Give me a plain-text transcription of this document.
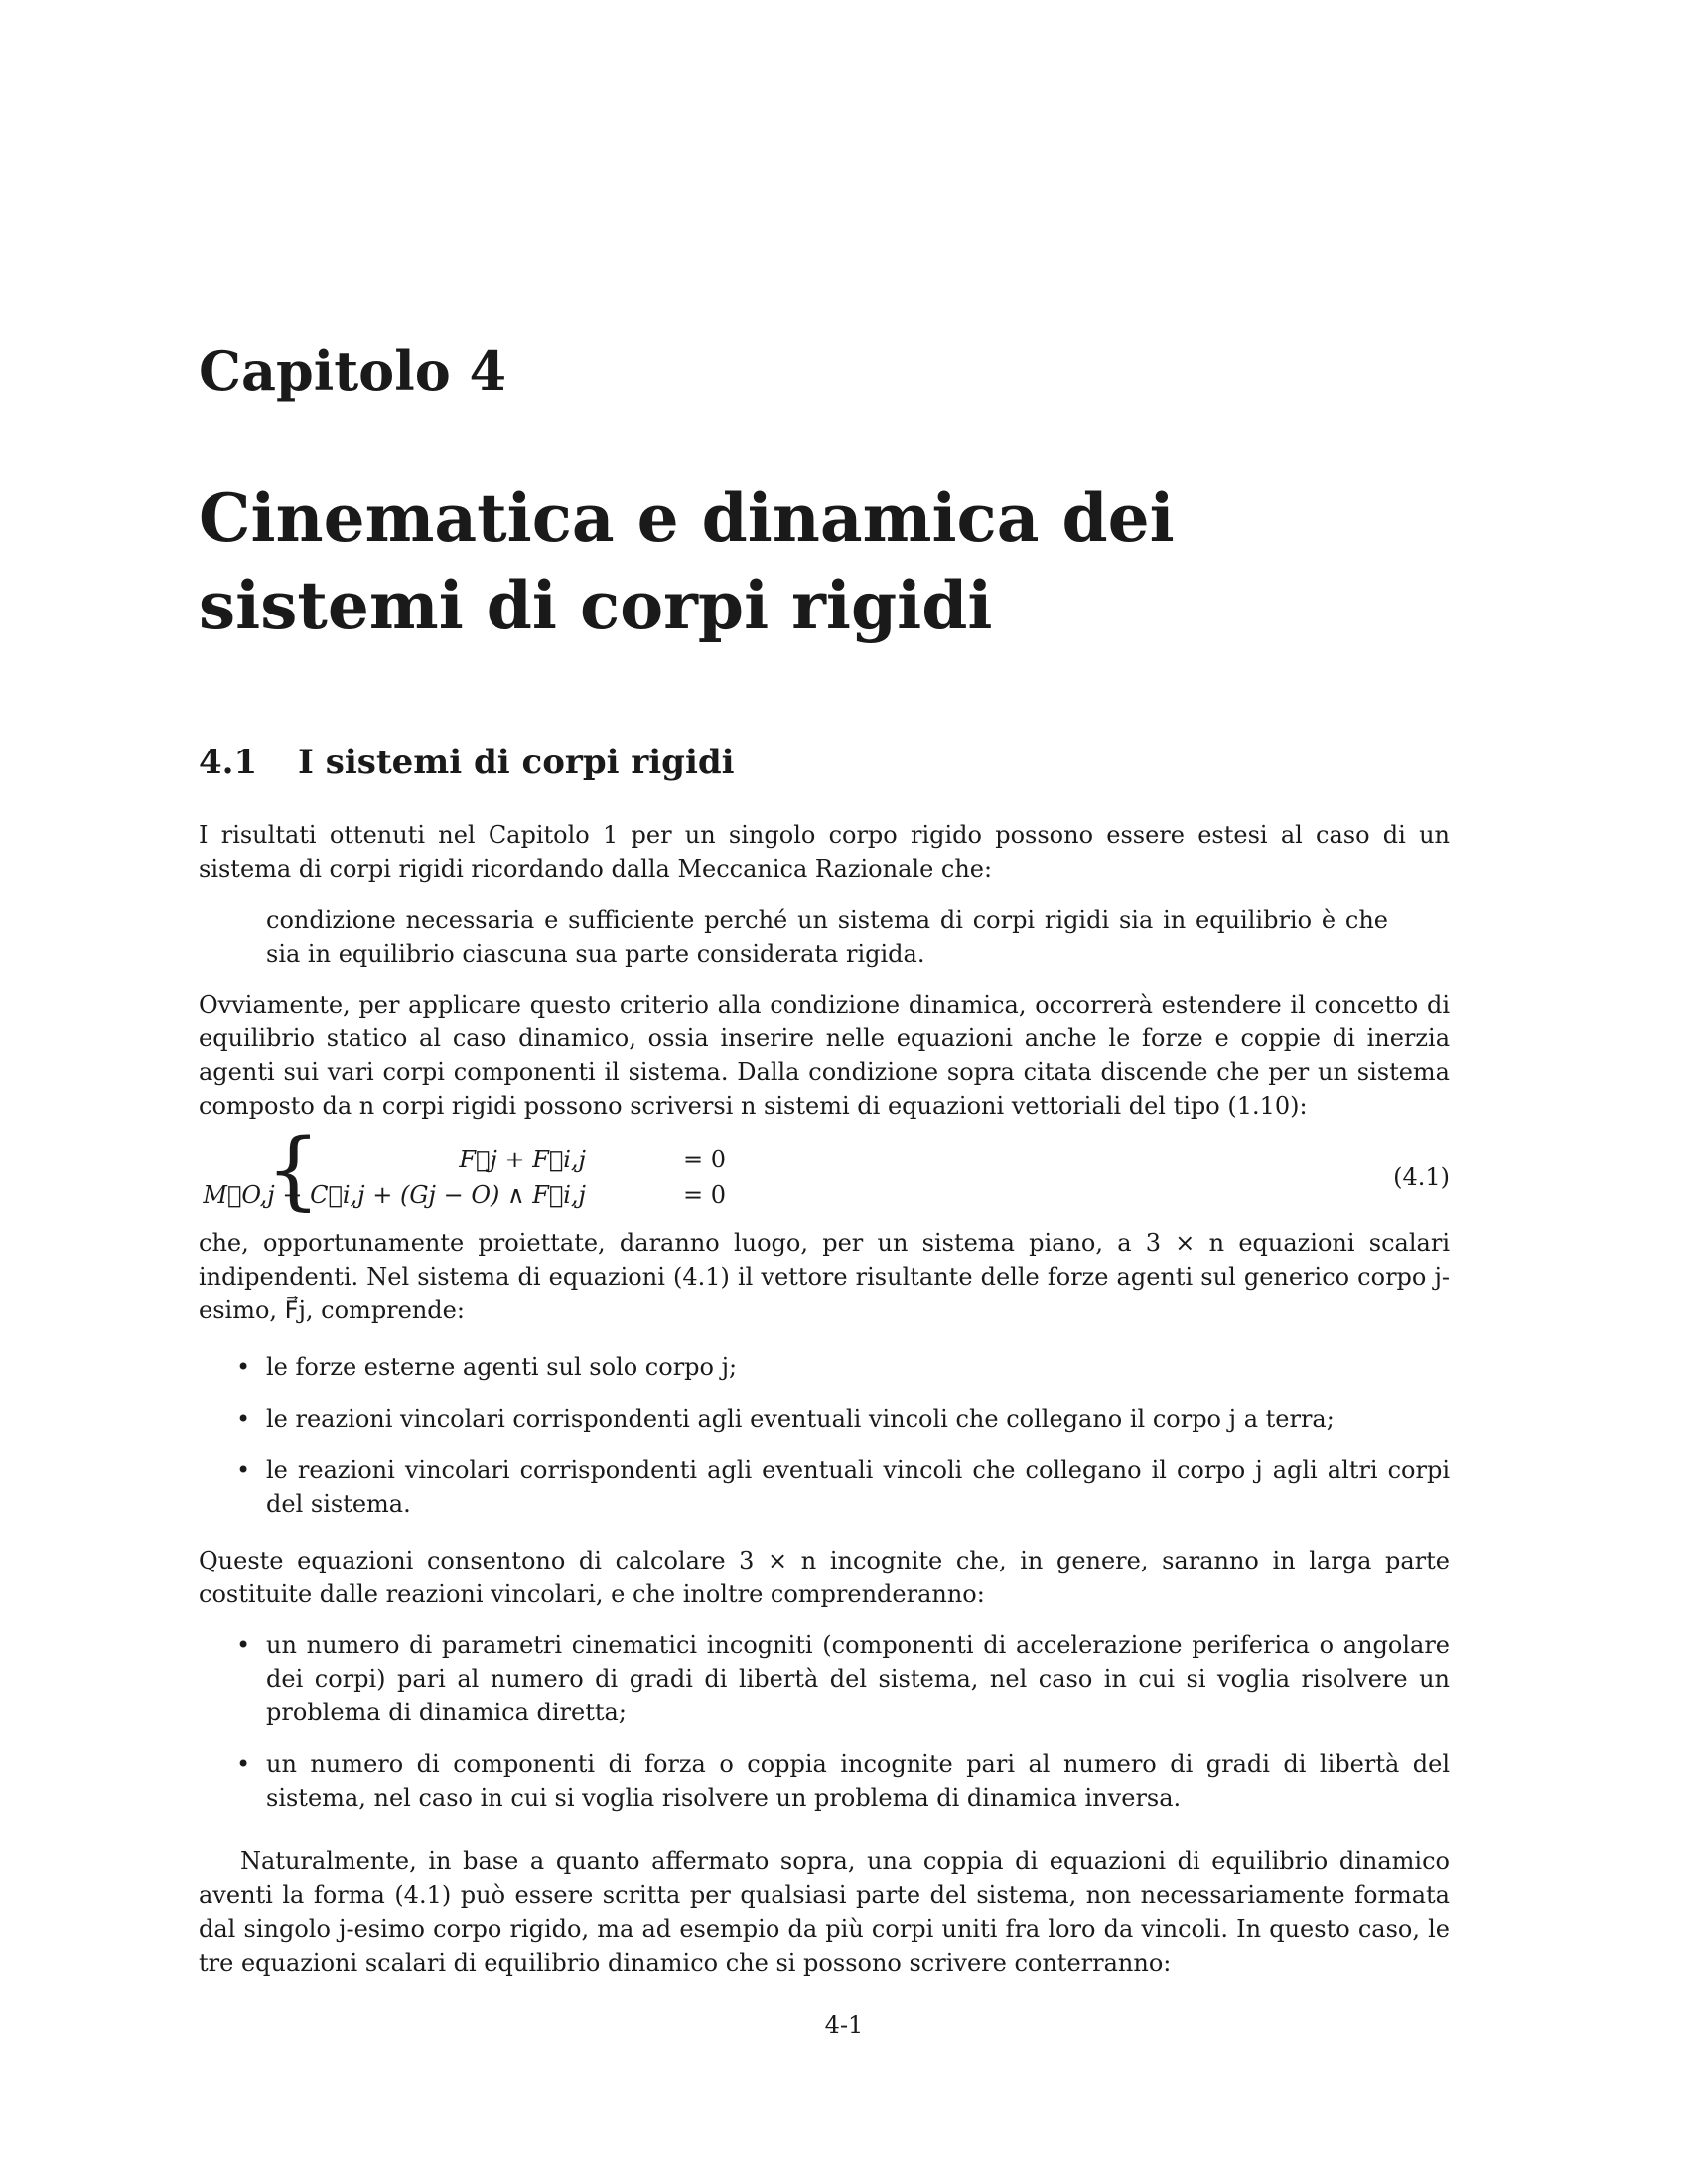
Capitolo 4
Cinematica e dinamica dei sistemi di corpi rigidi
4.1 I sistemi di corpi rigidi

I risultati ottenuti nel Capitolo 1 per un singolo corpo rigido possono essere estesi al caso di un sistema di corpi rigidi ricordando dalla Meccanica Razionale che:

condizione necessaria e sufficiente perché un sistema di corpi rigidi sia in equilibrio è che sia in equilibrio ciascuna sua parte considerata rigida.

Ovviamente, per applicare questo criterio alla condizione dinamica, occorrerà estendere il concetto di equilibrio statico al caso dinamico, ossia inserire nelle equazioni anche le forze e coppie di inerzia agenti sui vari corpi componenti il sistema. Dalla condizione sopra citata discende che per un sistema composto da n corpi rigidi possono scriversi n sistemi di equazioni vettoriali del tipo (1.10):

{	F⃗j + F⃗i,j	= 0
M⃗O,j + C⃗i,j + (Gj − O) ∧ F⃗i,j	= 0
(4.1)

che, opportunamente proiettate, daranno luogo, per un sistema piano, a 3 × n equazioni scalari indipendenti. Nel sistema di equazioni (4.1) il vettore risultante delle forze agenti sul generico corpo j-esimo, F⃗j, comprende:

• le forze esterne agenti sul solo corpo j;
• le reazioni vincolari corrispondenti agli eventuali vincoli che collegano il corpo j a terra;
• le reazioni vincolari corrispondenti agli eventuali vincoli che collegano il corpo j agli altri corpi del sistema.

Queste equazioni consentono di calcolare 3 × n incognite che, in genere, saranno in larga parte costituite dalle reazioni vincolari, e che inoltre comprenderanno:

• un numero di parametri cinematici incogniti (componenti di accelerazione periferica o angolare dei corpi) pari al numero di gradi di libertà del sistema, nel caso in cui si voglia risolvere un problema di dinamica diretta;
• un numero di componenti di forza o coppia incognite pari al numero di gradi di libertà del sistema, nel caso in cui si voglia risolvere un problema di dinamica inversa.

Naturalmente, in base a quanto affermato sopra, una coppia di equazioni di equilibrio dinamico aventi la forma (4.1) può essere scritta per qualsiasi parte del sistema, non necessariamente formata dal singolo j-esimo corpo rigido, ma ad esempio da più corpi uniti fra loro da vincoli. In questo caso, le tre equazioni scalari di equilibrio dinamico che si possono scrivere conterranno:

4-1
